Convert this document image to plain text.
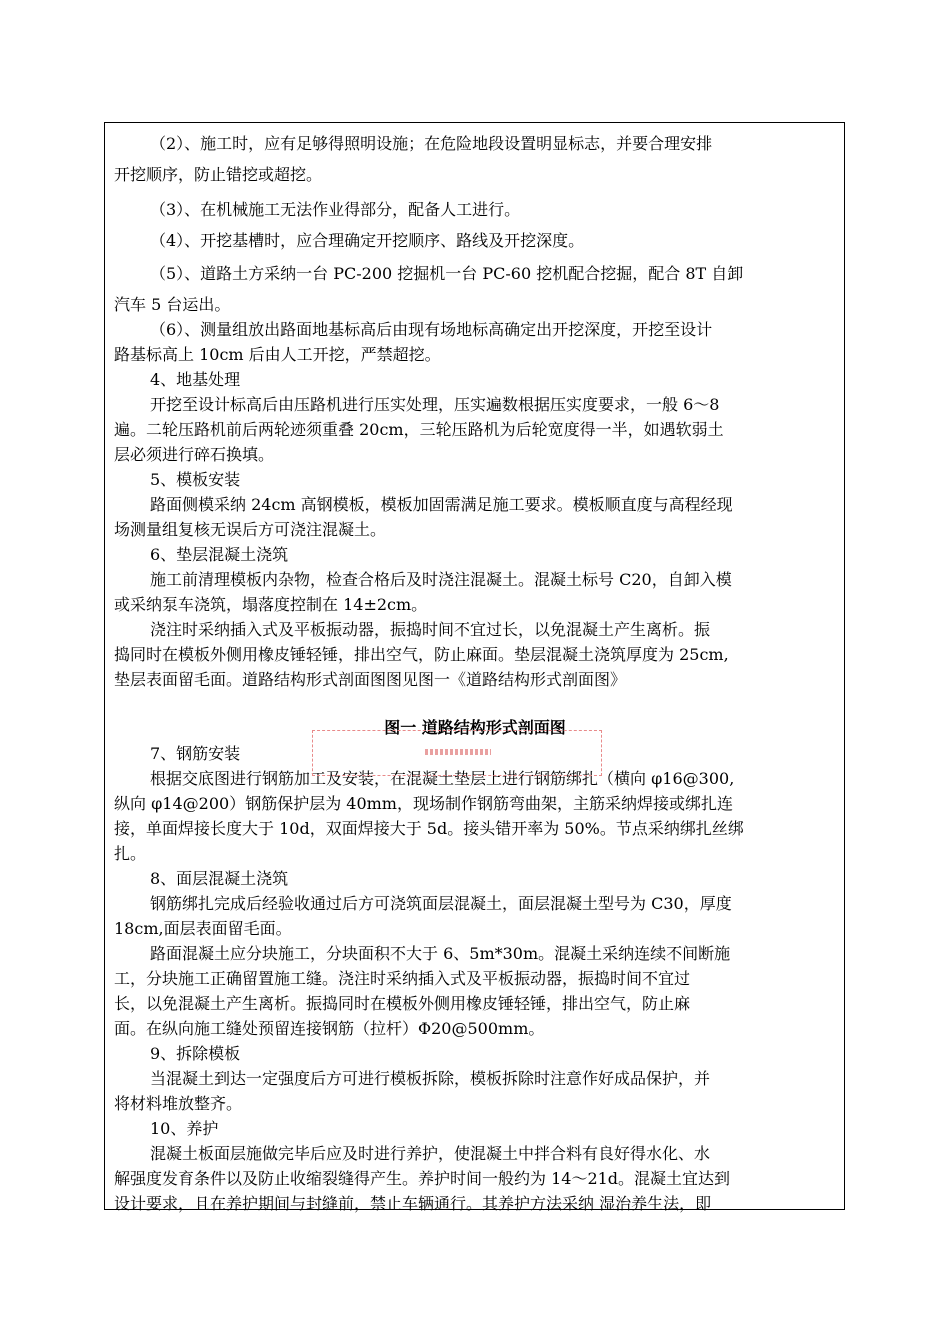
（2）、施工时，应有足够得照明设施；在危险地段设置明显标志，并要合理安排
开挖顺序，防止错挖或超挖。
（3）、在机械施工无法作业得部分，配备人工进行。
（4）、开挖基槽时，应合理确定开挖顺序、路线及开挖深度。
（5）、道路土方采纳一台 PC-200 挖掘机一台 PC-60 挖机配合挖掘，配合 8T 自卸
汽车 5 台运出。
（6）、测量组放出路面地基标高后由现有场地标高确定出开挖深度，开挖至设计
路基标高上 10cm 后由人工开挖，严禁超挖。
4、地基处理
开挖至设计标高后由压路机进行压实处理，压实遍数根据压实度要求，一般 6～8
遍。二轮压路机前后两轮迹须重叠 20cm，三轮压路机为后轮宽度得一半，如遇软弱土
层必须进行碎石换填。
5、模板安装
路面侧模采纳 24cm 高钢模板，模板加固需满足施工要求。模板顺直度与高程经现
场测量组复核无误后方可浇注混凝土。
6、垫层混凝土浇筑
施工前清理模板内杂物，检查合格后及时浇注混凝土。混凝土标号 C20，自卸入模
或采纳泵车浇筑，塌落度控制在 14±2cm。
浇注时采纳插入式及平板振动器，振捣时间不宜过长，以免混凝土产生离析。振
捣同时在模板外侧用橡皮锤轻锤，排出空气，防止麻面。垫层混凝土浇筑厚度为 25cm,
垫层表面留毛面。道路结构形式剖面图图见图一《道路结构形式剖面图》
7、钢筋安装
根据交底图进行钢筋加工及安装，在混凝土垫层上进行钢筋绑扎（横向 φ16@300,
纵向 φ14@200）钢筋保护层为 40mm，现场制作钢筋弯曲架，主筋采纳焊接或绑扎连
接，单面焊接长度大于 10d，双面焊接大于 5d。接头错开率为 50%。节点采纳绑扎丝绑
扎。
8、面层混凝土浇筑
钢筋绑扎完成后经验收通过后方可浇筑面层混凝土，面层混凝土型号为 C30，厚度
18cm,面层表面留毛面。
路面混凝土应分块施工，分块面积不大于 6、5m*30m。混凝土采纳连续不间断施
工，分块施工正确留置施工缝。浇注时采纳插入式及平板振动器，振捣时间不宜过
长，以免混凝土产生离析。振捣同时在模板外侧用橡皮锤轻锤，排出空气，防止麻
面。在纵向施工缝处预留连接钢筋（拉杆）Φ20@500mm。
9、拆除模板
当混凝土到达一定强度后方可进行模板拆除，模板拆除时注意作好成品保护，并
将材料堆放整齐。
10、养护
混凝土板面层施做完毕后应及时进行养护，使混凝土中拌合料有良好得水化、水
解强度发育条件以及防止收缩裂缝得产生。养护时间一般约为 14～21d。混凝土宜达到
设计要求，且在养护期间与封缝前，禁止车辆通行。其养护方法采纳 湿治养生法，即
图一 道路结构形式剖面图
